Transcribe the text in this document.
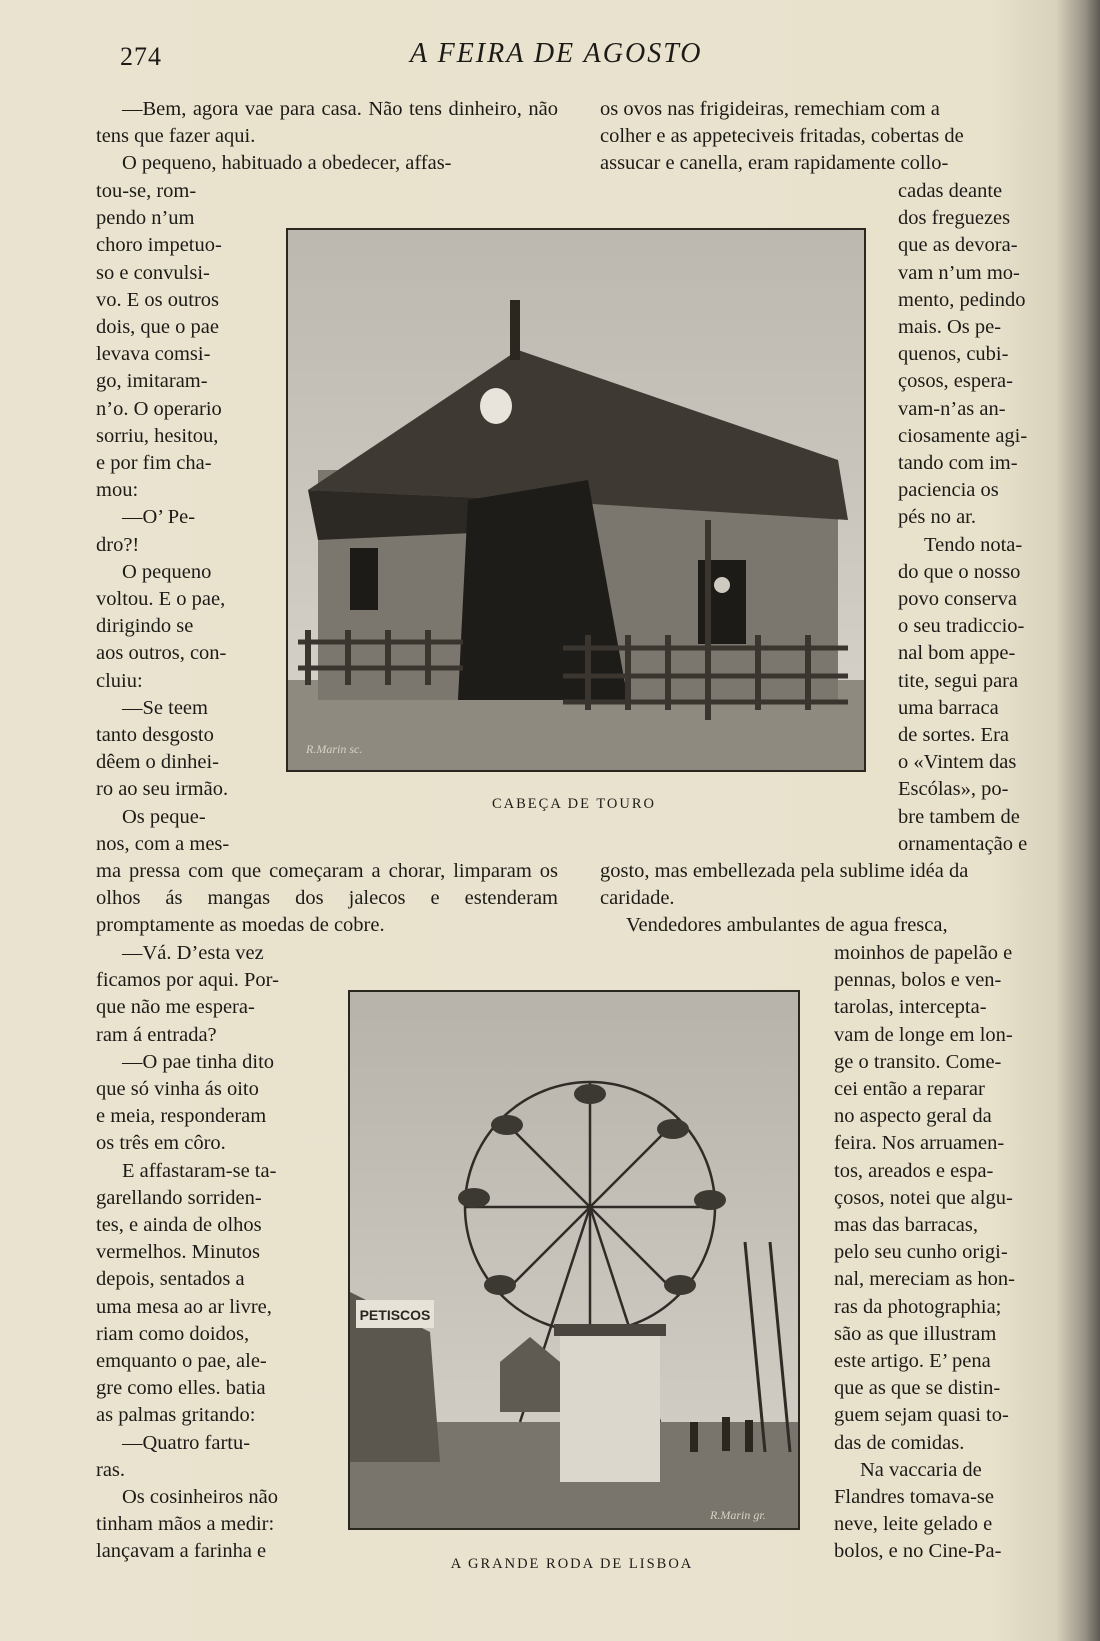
274	A FEIRA DE AGOSTO

—Bem, agora vae para casa. Não tens dinheiro, não tens que fazer aqui.

O pequeno, habituado a obedecer, affas-

tou-se, rom-

pendo n’um

choro impetuo-

so e convulsi-

vo. E os outros

dois, que o pae

levava comsi-

go, imitaram-

n’o. O operario

sorriu, hesitou,

e por fim cha-

mou:

—O’ Pe-

dro?!

O pequeno

voltou. E o pae,

dirigindo se

aos outros, con-

cluiu:

—Se teem

tanto desgosto

dêem o dinhei-

ro ao seu irmão.

Os peque-

nos, com a mes-

ma pressa com que começaram a chorar, limparam os olhos ás mangas dos jalecos e estenderam promptamente as moedas de cobre.

—Vá. D’esta vez

ficamos por aqui. Por-

que não me espera-

ram á entrada?

—O pae tinha dito

que só vinha ás oito

e meia, responderam

os três em côro.

E affastaram-se ta-

garellando sorriden-

tes, e ainda de olhos

vermelhos. Minutos

depois, sentados a

uma mesa ao ar livre,

riam como doidos,

emquanto o pae, ale-

gre como elles. batia

as palmas gritando:

—Quatro fartu-

ras.

Os cosinheiros não

tinham mãos a medir:

lançavam a farinha e

os ovos nas frigideiras, remechiam com a

colher e as appeteciveis fritadas, cobertas de

assucar e canella, eram rapidamente collo-

cadas deante

dos freguezes

que as devora-

vam n’um mo-

mento, pedindo

mais. Os pe-

quenos, cubi-

çosos, espera-

vam-n’as an-

ciosamente agi-

tando com im-

paciencia os

pés no ar.

Tendo nota-

do que o nosso

povo conserva

o seu tradiccio-

nal bom appe-

tite, segui para

uma barraca

de sortes. Era

o «Vintem das

Escólas», po-

bre tambem de

ornamentação e

gosto, mas embellezada pela sublime idéa da

caridade.

Vendedores ambulantes de agua fresca,

moinhos de papelão e

pennas, bolos e ven-

tarolas, intercepta-

vam de longe em lon-

ge o transito. Come-

cei então a reparar

no aspecto geral da

feira. Nos arruamen-

tos, areados e espa-

çosos, notei que algu-

mas das barracas,

pelo seu cunho origi-

nal, mereciam as hon-

ras da photographia;

são as que illustram

este artigo. E’ pena

que as que se distin-

guem sejam quasi to-

das de comidas.

Na vaccaria de

Flandres tomava-se

neve, leite gelado e

bolos, e no Cine-Pa-

R.Marin sc.
CABEÇA DE TOURO
PETISCOS
R.Marin gr.
A GRANDE RODA DE LISBOA
